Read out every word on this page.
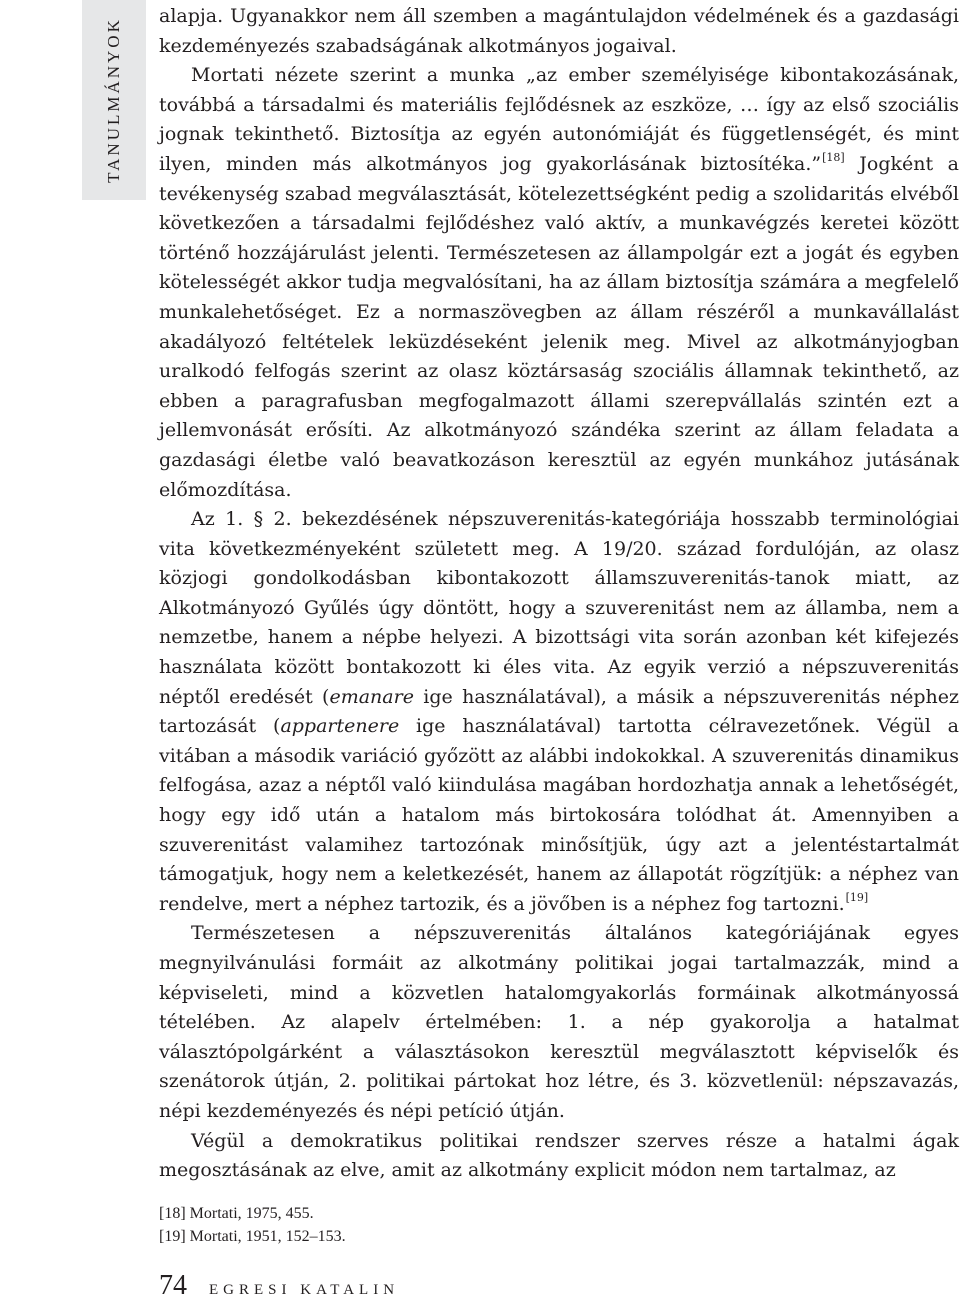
TANULMÁNYOK

alapja. Ugyanakkor nem áll szemben a magántulajdon védelmének és a gazdasági kezdeményezés szabadságának alkotmányos jogaival.

Mortati nézete szerint a munka „az ember személyisége kibontakozásának, továbbá a társadalmi és materiális fejlődésnek az eszköze, … így az első szociális jognak tekinthető. Biztosítja az egyén autonómiáját és függetlenségét, és mint ilyen, minden más alkotmányos jog gyakorlásának biztosítéka.”[18] Jogként a tevékenység szabad megválasztását, kötelezettségként pedig a szolidaritás elvéből következően a társadalmi fejlődéshez való aktív, a munkavégzés keretei között történő hozzájárulást jelenti. Természetesen az állampolgár ezt a jogát és egyben kötelességét akkor tudja megvalósítani, ha az állam biztosítja számára a megfelelő munkalehetőséget. Ez a normaszövegben az állam részéről a munkavállalást akadályozó feltételek leküzdéseként jelenik meg. Mivel az alkotmányjogban uralkodó felfogás szerint az olasz köztársaság szociális államnak tekinthető, az ebben a paragrafusban megfogalmazott állami szerepvállalás szintén ezt a jellemvonását erősíti. Az alkotmányozó szándéka szerint az állam feladata a gazdasági életbe való beavatkozáson keresztül az egyén munkához jutásának előmozdítása.

Az 1. § 2. bekezdésének népszuverenitás-kategóriája hosszabb terminológiai vita következményeként született meg. A 19/20. század fordulóján, az olasz közjogi gondolkodásban kibontakozott államszuverenitás-tanok miatt, az Alkotmányozó Gyűlés úgy döntött, hogy a szuverenitást nem az államba, nem a nemzetbe, hanem a népbe helyezi. A bizottsági vita során azonban két kifejezés használata között bontakozott ki éles vita. Az egyik verzió a népszuverenitás néptől eredését (emanare ige használatával), a másik a népszuverenitás néphez tartozását (appartenere ige használatával) tartotta célravezetőnek. Végül a vitában a második variáció győzött az alábbi indokokkal. A szuverenitás dinamikus felfogása, azaz a néptől való kiindulása magában hordozhatja annak a lehetőségét, hogy egy idő után a hatalom más birtokosára tolódhat át. Amennyiben a szuverenitást valamihez tartozónak minősítjük, úgy azt a jelentéstartalmát támogatjuk, hogy nem a keletkezését, hanem az állapotát rögzítjük: a néphez van rendelve, mert a néphez tartozik, és a jövőben is a néphez fog tartozni.[19]

Természetesen a népszuverenitás általános kategóriájának egyes megnyilvánulási formáit az alkotmány politikai jogai tartalmazzák, mind a képviseleti, mind a közvetlen hatalomgyakorlás formáinak alkotmányossá tételében. Az alapelv értelmében: 1. a nép gyakorolja a hatalmat választópolgárként a választásokon keresztül megválasztott képviselők és szenátorok útján, 2. politikai pártokat hoz létre, és 3. közvetlenül: népszavazás, népi kezdeményezés és népi petíció útján.

Végül a demokratikus politikai rendszer szerves része a hatalmi ágak megosztásának az elve, amit az alkotmány explicit módon nem tartalmaz, az

[18] Mortati, 1975, 455.
[19] Mortati, 1951, 152–153.
74 EGRESI KATALIN
